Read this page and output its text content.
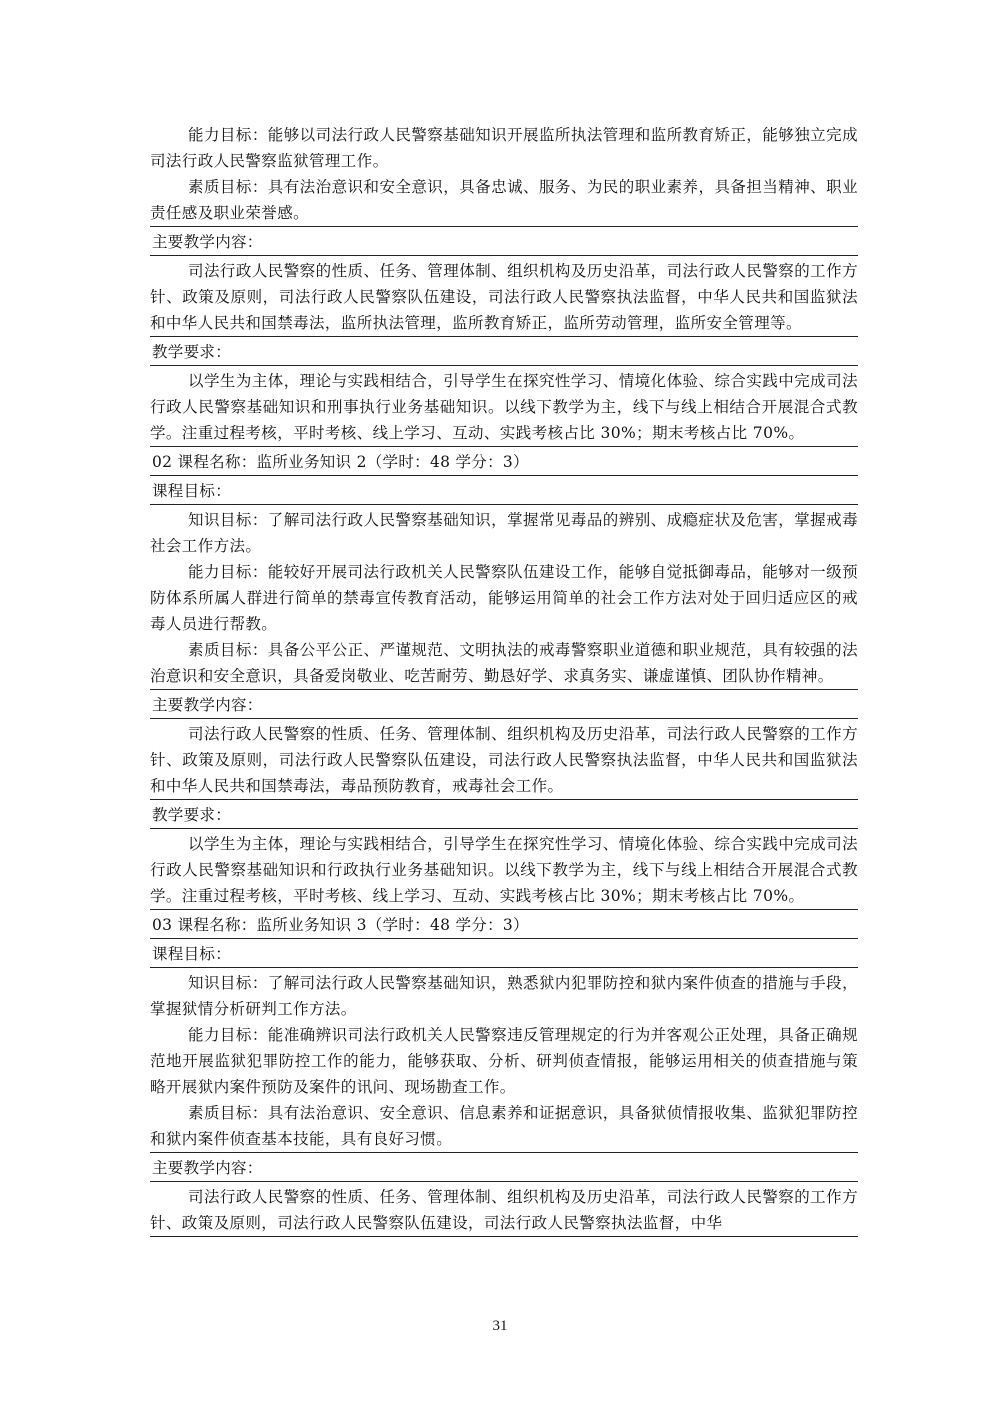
能力目标：能够以司法行政人民警察基础知识开展监所执法管理和监所教育矫正，能够独立完成司法行政人民警察监狱管理工作。

素质目标：具有法治意识和安全意识，具备忠诚、服务、为民的职业素养，具备担当精神、职业责任感及职业荣誉感。

主要教学内容：

司法行政人民警察的性质、任务、管理体制、组织机构及历史沿革，司法行政人民警察的工作方针、政策及原则，司法行政人民警察队伍建设，司法行政人民警察执法监督，中华人民共和国监狱法和中华人民共和国禁毒法，监所执法管理，监所教育矫正，监所劳动管理，监所安全管理等。

教学要求：

以学生为主体，理论与实践相结合，引导学生在探究性学习、情境化体验、综合实践中完成司法行政人民警察基础知识和刑事执行业务基础知识。以线下教学为主，线下与线上相结合开展混合式教学。注重过程考核，平时考核、线上学习、互动、实践考核占比 30%；期末考核占比 70%。

02 课程名称：监所业务知识 2（学时：48 学分：3）
课程目标：

知识目标：了解司法行政人民警察基础知识，掌握常见毒品的辨别、成瘾症状及危害，掌握戒毒社会工作方法。

能力目标：能较好开展司法行政机关人民警察队伍建设工作，能够自觉抵御毒品，能够对一级预防体系所属人群进行简单的禁毒宣传教育活动，能够运用简单的社会工作方法对处于回归适应区的戒毒人员进行帮教。

素质目标：具备公平公正、严谨规范、文明执法的戒毒警察职业道德和职业规范，具有较强的法治意识和安全意识，具备爱岗敬业、吃苦耐劳、勤恳好学、求真务实、谦虚谨慎、团队协作精神。

主要教学内容：

司法行政人民警察的性质、任务、管理体制、组织机构及历史沿革，司法行政人民警察的工作方针、政策及原则，司法行政人民警察队伍建设，司法行政人民警察执法监督，中华人民共和国监狱法和中华人民共和国禁毒法，毒品预防教育，戒毒社会工作。

教学要求：

以学生为主体，理论与实践相结合，引导学生在探究性学习、情境化体验、综合实践中完成司法行政人民警察基础知识和行政执行业务基础知识。以线下教学为主，线下与线上相结合开展混合式教学。注重过程考核，平时考核、线上学习、互动、实践考核占比 30%；期末考核占比 70%。

03 课程名称：监所业务知识 3（学时：48 学分：3）
课程目标：

知识目标：了解司法行政人民警察基础知识，熟悉狱内犯罪防控和狱内案件侦查的措施与手段，掌握狱情分析研判工作方法。

能力目标：能准确辨识司法行政机关人民警察违反管理规定的行为并客观公正处理，具备正确规范地开展监狱犯罪防控工作的能力，能够获取、分析、研判侦查情报，能够运用相关的侦查措施与策略开展狱内案件预防及案件的讯问、现场勘查工作。

素质目标：具有法治意识、安全意识、信息素养和证据意识，具备狱侦情报收集、监狱犯罪防控和狱内案件侦查基本技能，具有良好习惯。

主要教学内容：

司法行政人民警察的性质、任务、管理体制、组织机构及历史沿革，司法行政人民警察的工作方针、政策及原则，司法行政人民警察队伍建设，司法行政人民警察执法监督，中华

31
